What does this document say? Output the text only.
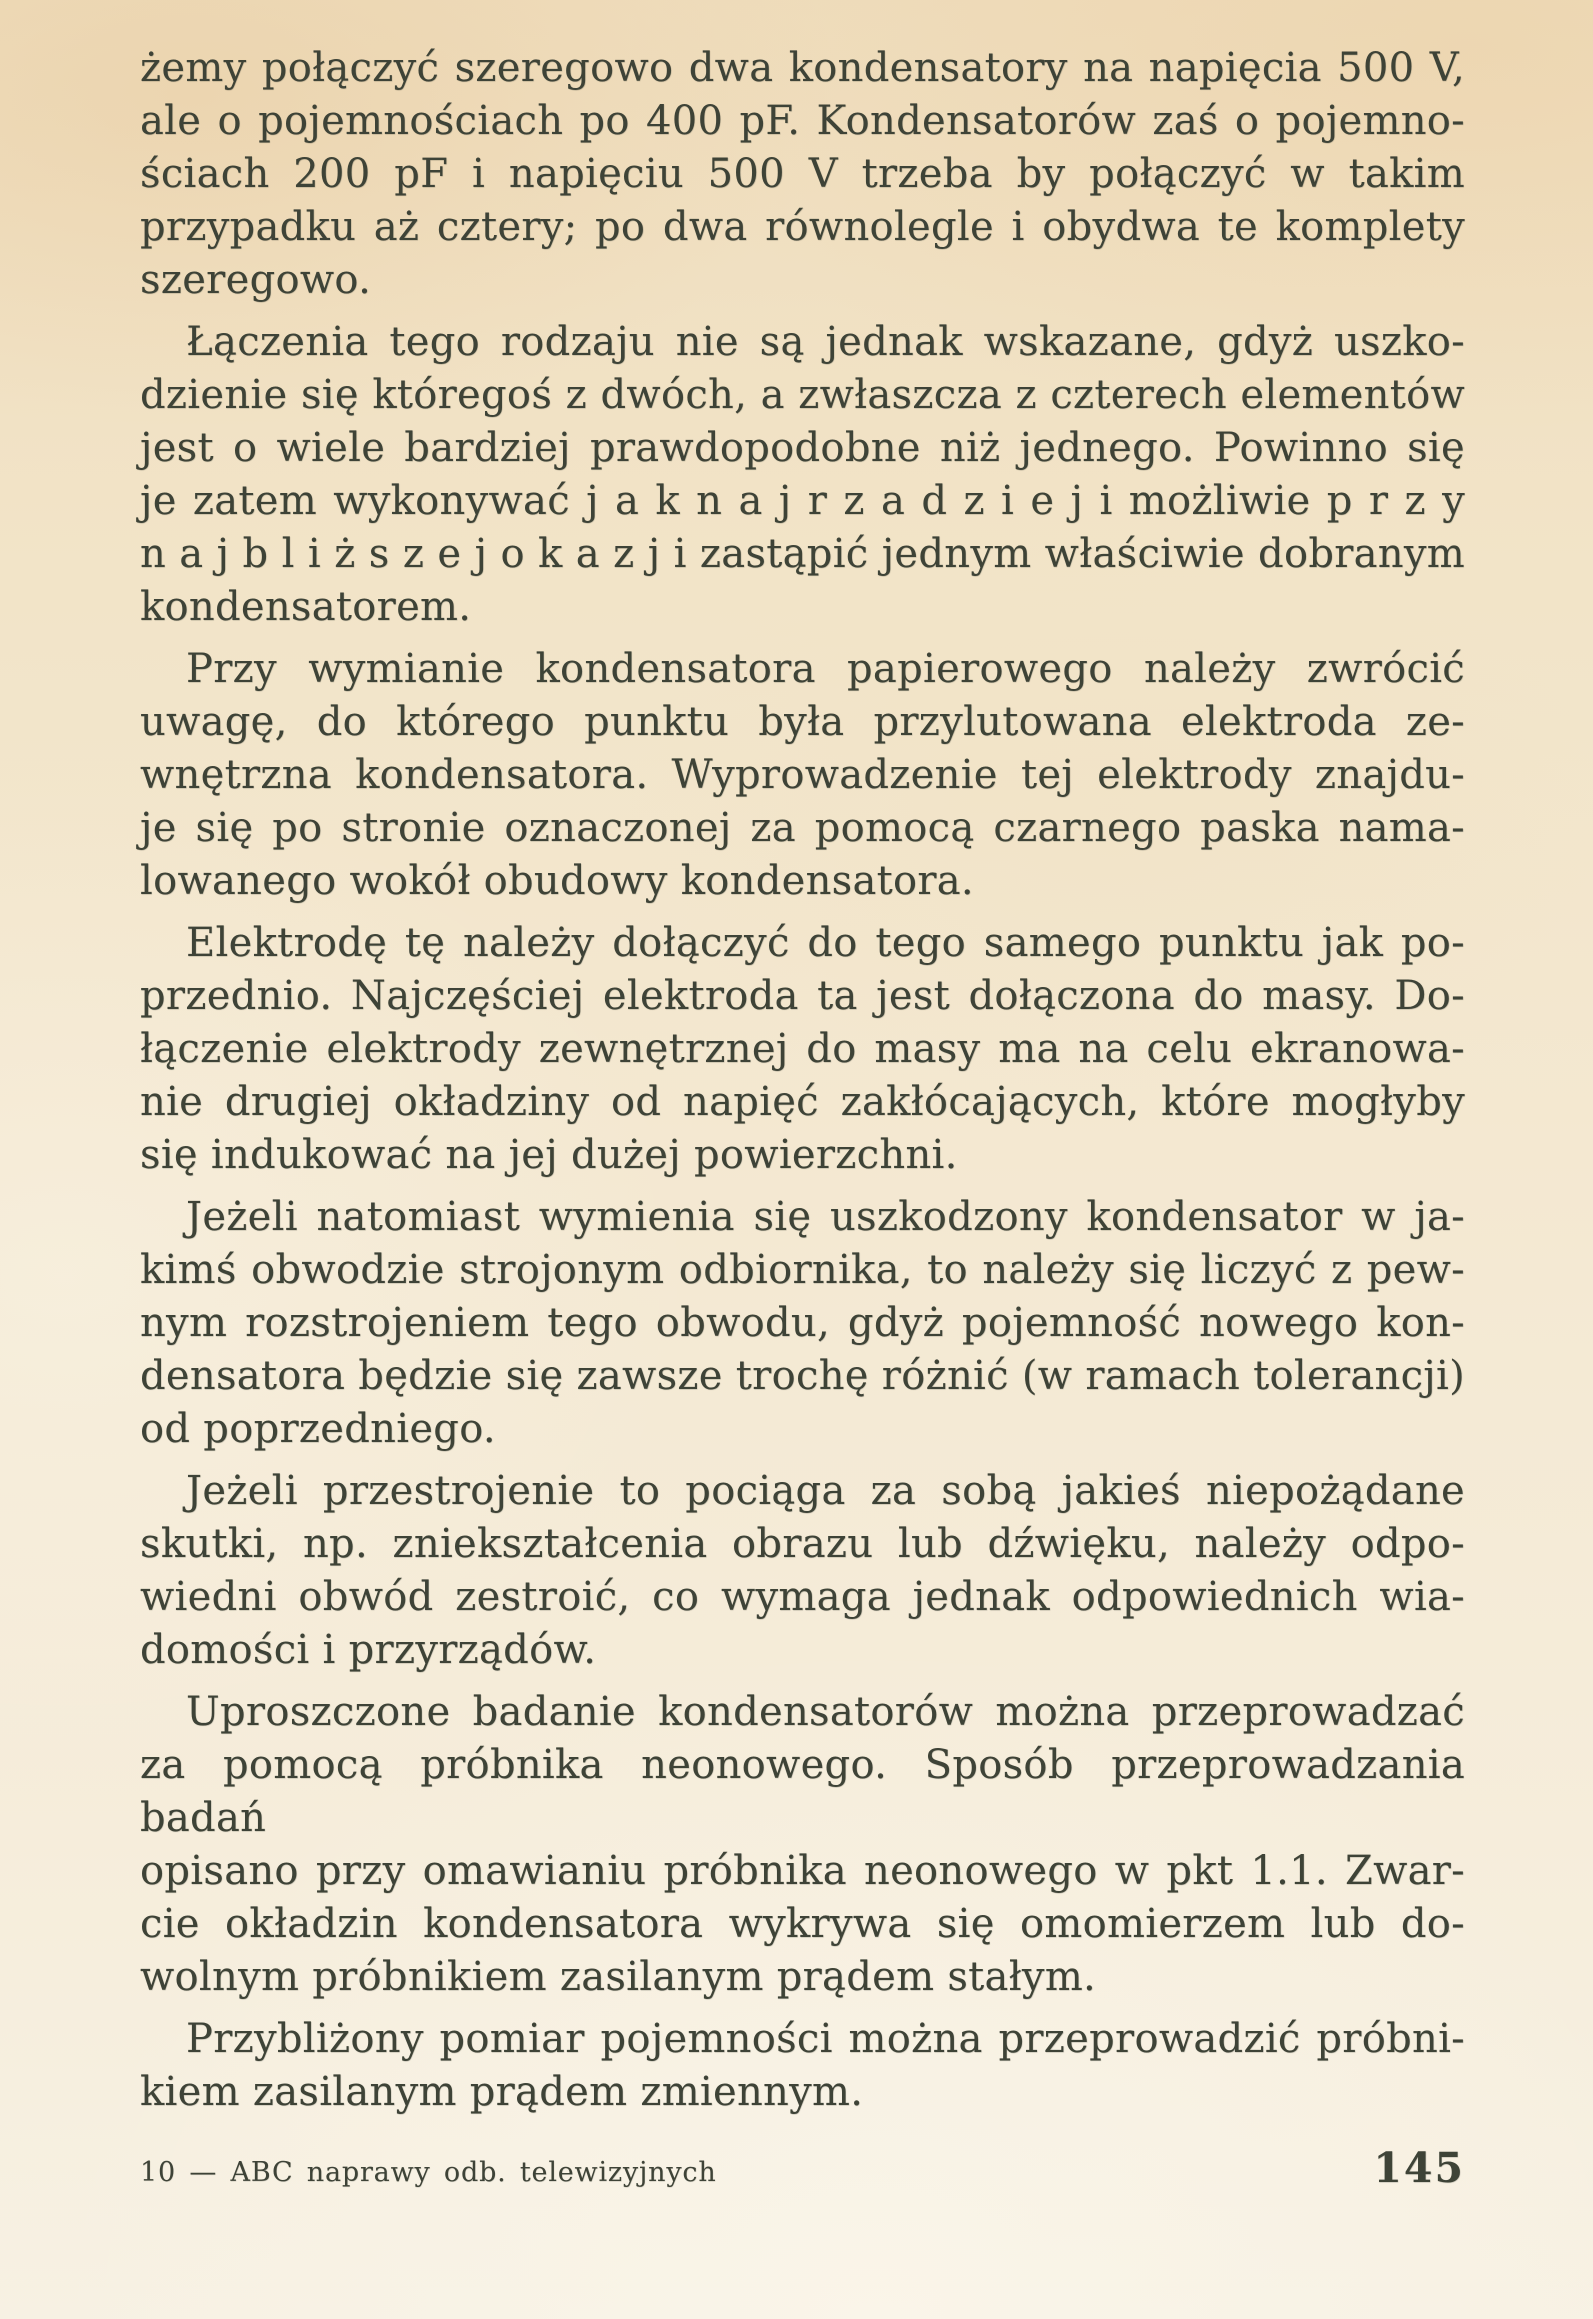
żemy połączyć szeregowo dwa kondensatory na napięcia 500 V,
ale o pojemnościach po 400 pF. Kondensatorów zaś o pojemno-
ściach 200 pF i napięciu 500 V trzeba by połączyć w takim
przypadku aż cztery; po dwa równolegle i obydwa te komplety
szeregowo.
Łączenia tego rodzaju nie są jednak wskazane, gdyż uszko-
dzienie się któregoś z dwóch, a zwłaszcza z czterech elementów
jest o wiele bardziej prawdopodobne niż jednego. Powinno się
je zatem wykonywać j a k n a j r z a d z i e j i możliwie p r z y
n a j b l i ż s z e j o k a z j i zastąpić jednym właściwie dobranym
kondensatorem.
Przy wymianie kondensatora papierowego należy zwrócić
uwagę, do którego punktu była przylutowana elektroda ze-
wnętrzna kondensatora. Wyprowadzenie tej elektrody znajdu-
je się po stronie oznaczonej za pomocą czarnego paska nama-
lowanego wokół obudowy kondensatora.
Elektrodę tę należy dołączyć do tego samego punktu jak po-
przednio. Najczęściej elektroda ta jest dołączona do masy. Do-
łączenie elektrody zewnętrznej do masy ma na celu ekranowa-
nie drugiej okładziny od napięć zakłócających, które mogłyby
się indukować na jej dużej powierzchni.
Jeżeli natomiast wymienia się uszkodzony kondensator w ja-
kimś obwodzie strojonym odbiornika, to należy się liczyć z pew-
nym rozstrojeniem tego obwodu, gdyż pojemność nowego kon-
densatora będzie się zawsze trochę różnić (w ramach tolerancji)
od poprzedniego.
Jeżeli przestrojenie to pociąga za sobą jakieś niepożądane
skutki, np. zniekształcenia obrazu lub dźwięku, należy odpo-
wiedni obwód zestroić, co wymaga jednak odpowiednich wia-
domości i przyrządów.
Uproszczone badanie kondensatorów można przeprowadzać
za pomocą próbnika neonowego. Sposób przeprowadzania badań
opisano przy omawianiu próbnika neonowego w pkt 1.1. Zwar-
cie okładzin kondensatora wykrywa się omomierzem lub do-
wolnym próbnikiem zasilanym prądem stałym.
Przybliżony pomiar pojemności można przeprowadzić próbni-
kiem zasilanym prądem zmiennym.
10 — ABC naprawy odb. telewizyjnych	145
